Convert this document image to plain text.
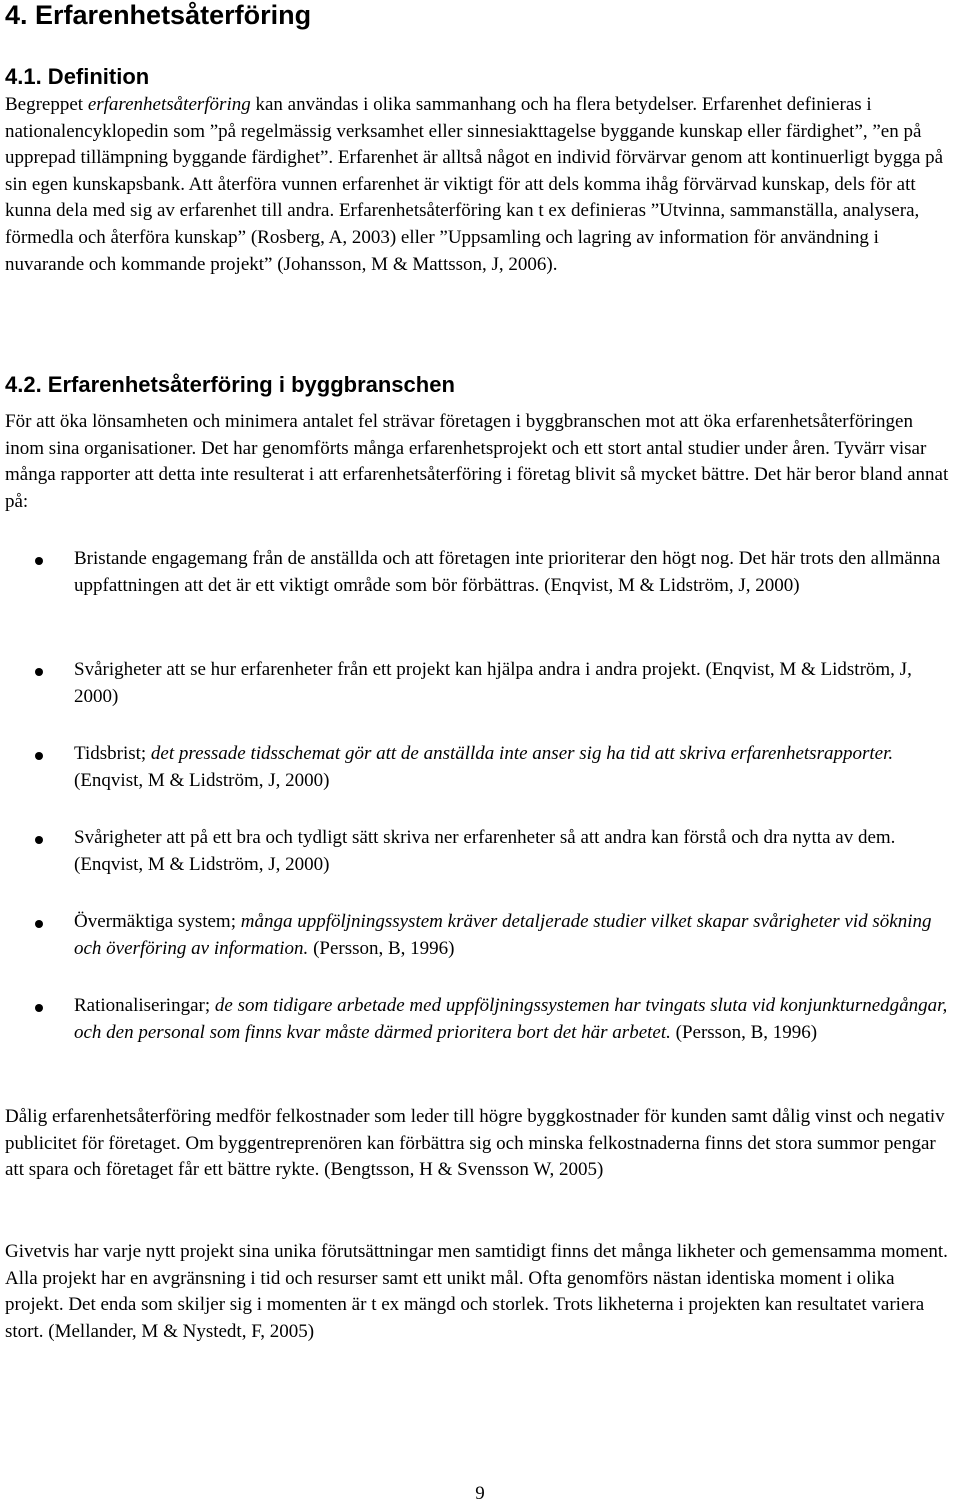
4. Erfarenhetsåterföring
4.1. Definition

Begreppet erfarenhetsåterföring kan användas i olika sammanhang och ha flera betydelser. Erfarenhet definieras i nationalencyklopedin som ”på regelmässig verksamhet eller sinnesiakttagelse byggande kunskap eller färdighet”, ”en på upprepad tillämpning byggande färdighet”. Erfarenhet är alltså något en individ förvärvar genom att kontinuerligt bygga på sin egen kunskapsbank. Att återföra vunnen erfarenhet är viktigt för att dels komma ihåg förvärvad kunskap, dels för att kunna dela med sig av erfarenhet till andra. Erfarenhetsåterföring kan t ex definieras ”Utvinna, sammanställa, analysera, förmedla och återföra kunskap” (Rosberg, A, 2003) eller ”Uppsamling och lagring av information för användning i nuvarande och kommande projekt” (Johansson, M & Mattsson, J, 2006).

4.2. Erfarenhetsåterföring i byggbranschen

För att öka lönsamheten och minimera antalet fel strävar företagen i byggbranschen mot att öka erfarenhetsåterföringen inom sina organisationer. Det har genomförts många erfarenhetsprojekt och ett stort antal studier under åren. Tyvärr visar många rapporter att detta inte resulterat i att erfarenhetsåterföring i företag blivit så mycket bättre. Det här beror bland annat på:

Bristande engagemang från de anställda och att företagen inte prioriterar den högt nog. Det här trots den allmänna uppfattningen att det är ett viktigt område som bör förbättras. (Enqvist, M & Lidström, J, 2000)

Svårigheter att se hur erfarenheter från ett projekt kan hjälpa andra i andra projekt. (Enqvist, M & Lidström, J, 2000)

Tidsbrist; det pressade tidsschemat gör att de anställda inte anser sig ha tid att skriva erfarenhetsrapporter. (Enqvist, M & Lidström, J, 2000)

Svårigheter att på ett bra och tydligt sätt skriva ner erfarenheter så att andra kan förstå och dra nytta av dem. (Enqvist, M & Lidström, J, 2000)

Övermäktiga system; många uppföljningssystem kräver detaljerade studier vilket skapar svårigheter vid sökning och överföring av information. (Persson, B, 1996)

Rationaliseringar; de som tidigare arbetade med uppföljningssystemen har tvingats sluta vid konjunkturnedgångar, och den personal som finns kvar måste därmed prioritera bort det här arbetet. (Persson, B, 1996)

Dålig erfarenhetsåterföring medför felkostnader som leder till högre byggkostnader för kunden samt dålig vinst och negativ publicitet för företaget. Om byggentreprenören kan förbättra sig och minska felkostnaderna finns det stora summor pengar att spara och företaget får ett bättre rykte. (Bengtsson, H & Svensson W, 2005)

Givetvis har varje nytt projekt sina unika förutsättningar men samtidigt finns det många likheter och gemensamma moment. Alla projekt har en avgränsning i tid och resurser samt ett unikt mål. Ofta genomförs nästan identiska moment i olika projekt. Det enda som skiljer sig i momenten är t ex mängd och storlek. Trots likheterna i projekten kan resultatet variera stort. (Mellander, M & Nystedt, F, 2005)

9
